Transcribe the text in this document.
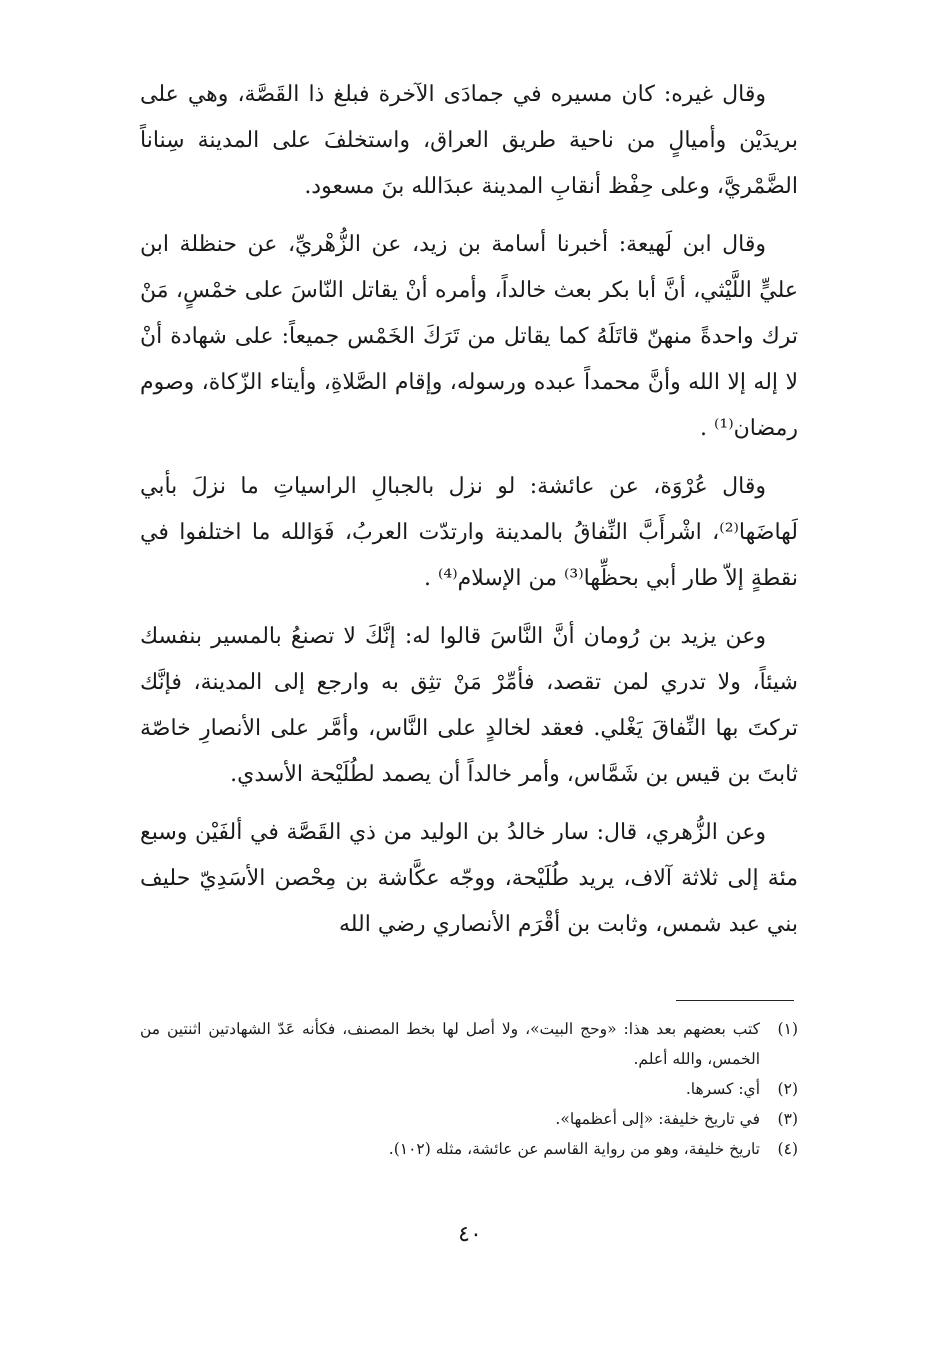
وقال غيره: كان مسيره في جمادَى الآخرة فبلغ ذا القَصَّة، وهي على بريدَيْن وأميالٍ من ناحية طريق العراق، واستخلفَ على المدينة سِناناً الضَّمْريَّ، وعلى حِفْظ أنقابِ المدينة عبدَالله بنَ مسعود.

وقال ابن لَهيعة: أخبرنا أسامة بن زيد، عن الزُّهْريِّ، عن حنظلة ابن عليٍّ اللَّيْثي، أنَّ أبا بكر بعث خالداً، وأمره أنْ يقاتل النّاسَ على خمْسٍ، مَنْ ترك واحدةً منهنّ قاتَلَهُ كما يقاتل من تَرَكَ الخَمْس جميعاً: على شهادة أنْ لا إله إلا الله وأنَّ محمداً عبده ورسوله، وإقام الصَّلاةِ، وأيتاء الزّكاة، وصوم رمضان⁽¹⁾ .

وقال عُرْوَة، عن عائشة: لو نزل بالجبالِ الراسياتِ ما نزلَ بأبي لَهاضَها⁽²⁾، اشْرأَبَّ النِّفاقُ بالمدينة وارتدّت العربُ، فَوَالله ما اختلفوا في نقطةٍ إلاّ طار أبي بحظِّها⁽³⁾ من الإسلام⁽⁴⁾ .

وعن يزيد بن رُومان أنَّ النَّاسَ قالوا له: إنَّكَ لا تصنعُ بالمسير بنفسك شيئاً، ولا تدري لمن تقصد، فأمِّرْ مَنْ تثِق به وارجع إلى المدينة، فإنَّك تركتَ بها النِّفاقَ يَغْلي. فعقد لخالدٍ على النَّاس، وأمَّر على الأنصارِ خاصّة ثابتَ بن قيس بن شَمَّاس، وأمر خالداً أن يصمد لطُلَيْحة الأسدي.

وعن الزُّهري، قال: سار خالدُ بن الوليد من ذي القَصَّة في ألفَيْن وسبع مئة إلى ثلاثة آلاف، يريد طُلَيْحة، ووجّه عكَّاشة بن مِحْصن الأسَدِيّ حليف بني عبد شمس، وثابت بن أقْرَم الأنصاري رضي الله

(١)
كتب بعضهم بعد هذا: «وحج البيت»، ولا أصل لها بخط المصنف، فكأنه عَدّ الشهادتين اثنتين من الخمس، والله أعلم.
(٢)
أي: كسرها.
(٣)
في تاريخ خليفة: «إلى أعظمها».
(٤)
تاريخ خليفة، وهو من رواية القاسم عن عائشة، مثله (١٠٢).
٤٠
